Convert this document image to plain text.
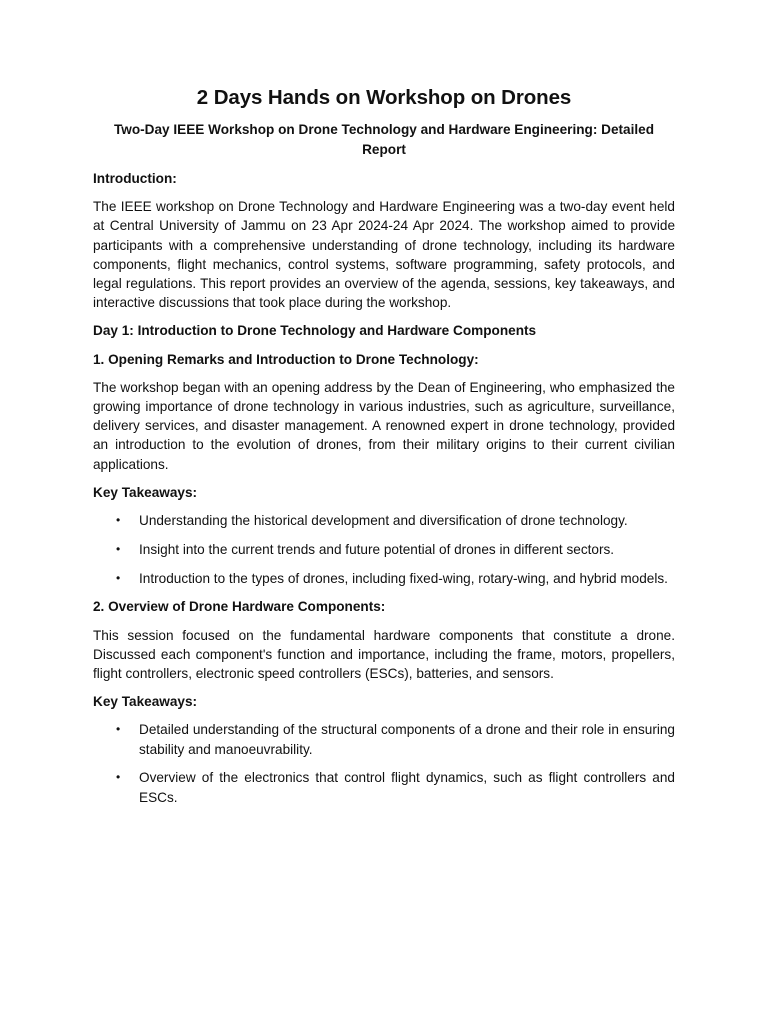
2 Days Hands on Workshop on Drones
Two-Day IEEE Workshop on Drone Technology and Hardware Engineering: Detailed Report
Introduction:
The IEEE workshop on Drone Technology and Hardware Engineering was a two-day event held at Central University of Jammu on 23 Apr 2024-24 Apr 2024. The workshop aimed to provide participants with a comprehensive understanding of drone technology, including its hardware components, flight mechanics, control systems, software programming, safety protocols, and legal regulations. This report provides an overview of the agenda, sessions, key takeaways, and interactive discussions that took place during the workshop.
Day 1: Introduction to Drone Technology and Hardware Components
1. Opening Remarks and Introduction to Drone Technology:
The workshop began with an opening address by the Dean of Engineering, who emphasized the growing importance of drone technology in various industries, such as agriculture, surveillance, delivery services, and disaster management. A renowned expert in drone technology, provided an introduction to the evolution of drones, from their military origins to their current civilian applications.
Key Takeaways:
• Understanding the historical development and diversification of drone technology.
• Insight into the current trends and future potential of drones in different sectors.
• Introduction to the types of drones, including fixed-wing, rotary-wing, and hybrid models.
2. Overview of Drone Hardware Components:
This session focused on the fundamental hardware components that constitute a drone. Discussed each component's function and importance, including the frame, motors, propellers, flight controllers, electronic speed controllers (ESCs), batteries, and sensors.
Key Takeaways:
• Detailed understanding of the structural components of a drone and their role in ensuring stability and manoeuvrability.
• Overview of the electronics that control flight dynamics, such as flight controllers and ESCs.
